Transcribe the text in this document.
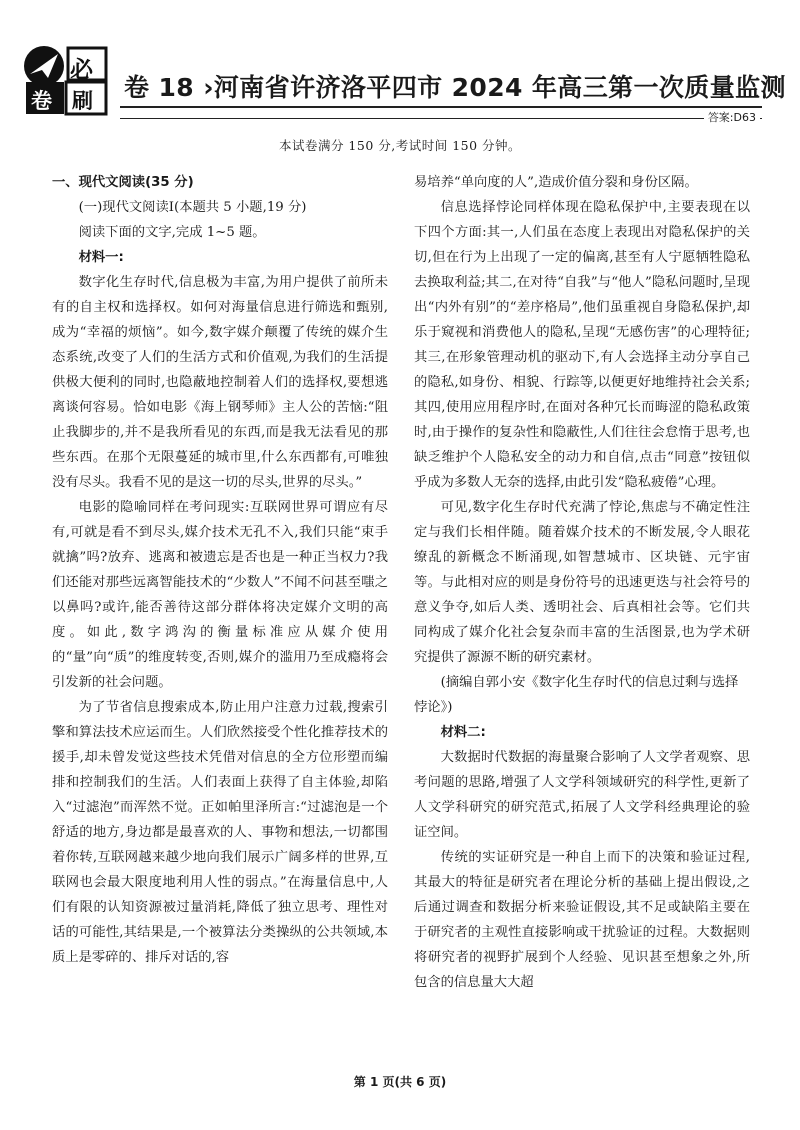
必
卷 刷 卷 18 ›河南省许济洛平四市 2024 年高三第一次质量监测
答案:D63

本试卷满分 150 分,考试时间 150 分钟。

一、现代文阅读(35 分)

(一)现代文阅读Ⅰ(本题共 5 小题,19 分)

阅读下面的文字,完成 1~5 题。

材料一:

数字化生存时代,信息极为丰富,为用户提供了前所未有的自主权和选择权。如何对海量信息进行筛选和甄别,成为“幸福的烦恼”。如今,数字媒介颠覆了传统的媒介生态系统,改变了人们的生活方式和价值观,为我们的生活提供极大便利的同时,也隐蔽地控制着人们的选择权,要想逃离谈何容易。恰如电影《海上钢琴师》主人公的苦恼:“阻止我脚步的,并不是我所看见的东西,而是我无法看见的那些东西。在那个无限蔓延的城市里,什么东西都有,可唯独没有尽头。我看不见的是这一切的尽头,世界的尽头。”

电影的隐喻同样在考问现实:互联网世界可谓应有尽有,可就是看不到尽头,媒介技术无孔不入,我们只能“束手就擒”吗?放弃、逃离和被遗忘是否也是一种正当权力?我们还能对那些远离智能技术的“少数人”不闻不问甚至嗤之以鼻吗?或许,能否善待这部分群体将决定媒介文明的高度。如此,数字鸿沟的衡量标准应从媒介使用的“量”向“质”的维度转变,否则,媒介的滥用乃至成瘾将会引发新的社会问题。

为了节省信息搜索成本,防止用户注意力过载,搜索引擎和算法技术应运而生。人们欣然接受个性化推荐技术的援手,却未曾发觉这些技术凭借对信息的全方位形塑而编排和控制我们的生活。人们表面上获得了自主体验,却陷入“过滤泡”而浑然不觉。正如帕里泽所言:“过滤泡是一个舒适的地方,身边都是最喜欢的人、事物和想法,一切都围着你转,互联网越来越少地向我们展示广阔多样的世界,互联网也会最大限度地利用人性的弱点。”在海量信息中,人们有限的认知资源被过量消耗,降低了独立思考、理性对话的可能性,其结果是,一个被算法分类操纵的公共领域,本质上是零碎的、排斥对话的,容

易培养“单向度的人”,造成价值分裂和身份区隔。

信息选择悖论同样体现在隐私保护中,主要表现在以下四个方面:其一,人们虽在态度上表现出对隐私保护的关切,但在行为上出现了一定的偏离,甚至有人宁愿牺牲隐私去换取利益;其二,在对待“自我”与“他人”隐私问题时,呈现出“内外有别”的“差序格局”,他们虽重视自身隐私保护,却乐于窥视和消费他人的隐私,呈现“无感伤害”的心理特征;其三,在形象管理动机的驱动下,有人会选择主动分享自己的隐私,如身份、相貌、行踪等,以便更好地维持社会关系;其四,使用应用程序时,在面对各种冗长而晦涩的隐私政策时,由于操作的复杂性和隐蔽性,人们往往会怠惰于思考,也缺乏维护个人隐私安全的动力和自信,点击“同意”按钮似乎成为多数人无奈的选择,由此引发“隐私疲倦”心理。

可见,数字化生存时代充满了悖论,焦虑与不确定性注定与我们长相伴随。随着媒介技术的不断发展,令人眼花缭乱的新概念不断涌现,如智慧城市、区块链、元宇宙等。与此相对应的则是身份符号的迅速更迭与社会符号的意义争夺,如后人类、透明社会、后真相社会等。它们共同构成了媒介化社会复杂而丰富的生活图景,也为学术研究提供了源源不断的研究素材。

(摘编自郭小安《数字化生存时代的信息过剩与选择悖论》)

材料二:

大数据时代数据的海量聚合影响了人文学者观察、思考问题的思路,增强了人文学科领域研究的科学性,更新了人文学科研究的研究范式,拓展了人文学科经典理论的验证空间。

传统的实证研究是一种自上而下的决策和验证过程,其最大的特征是研究者在理论分析的基础上提出假设,之后通过调查和数据分析来验证假设,其不足或缺陷主要在于研究者的主观性直接影响或干扰验证的过程。大数据则将研究者的视野扩展到个人经验、见识甚至想象之外,所包含的信息量大大超

第 1 页(共 6 页)
